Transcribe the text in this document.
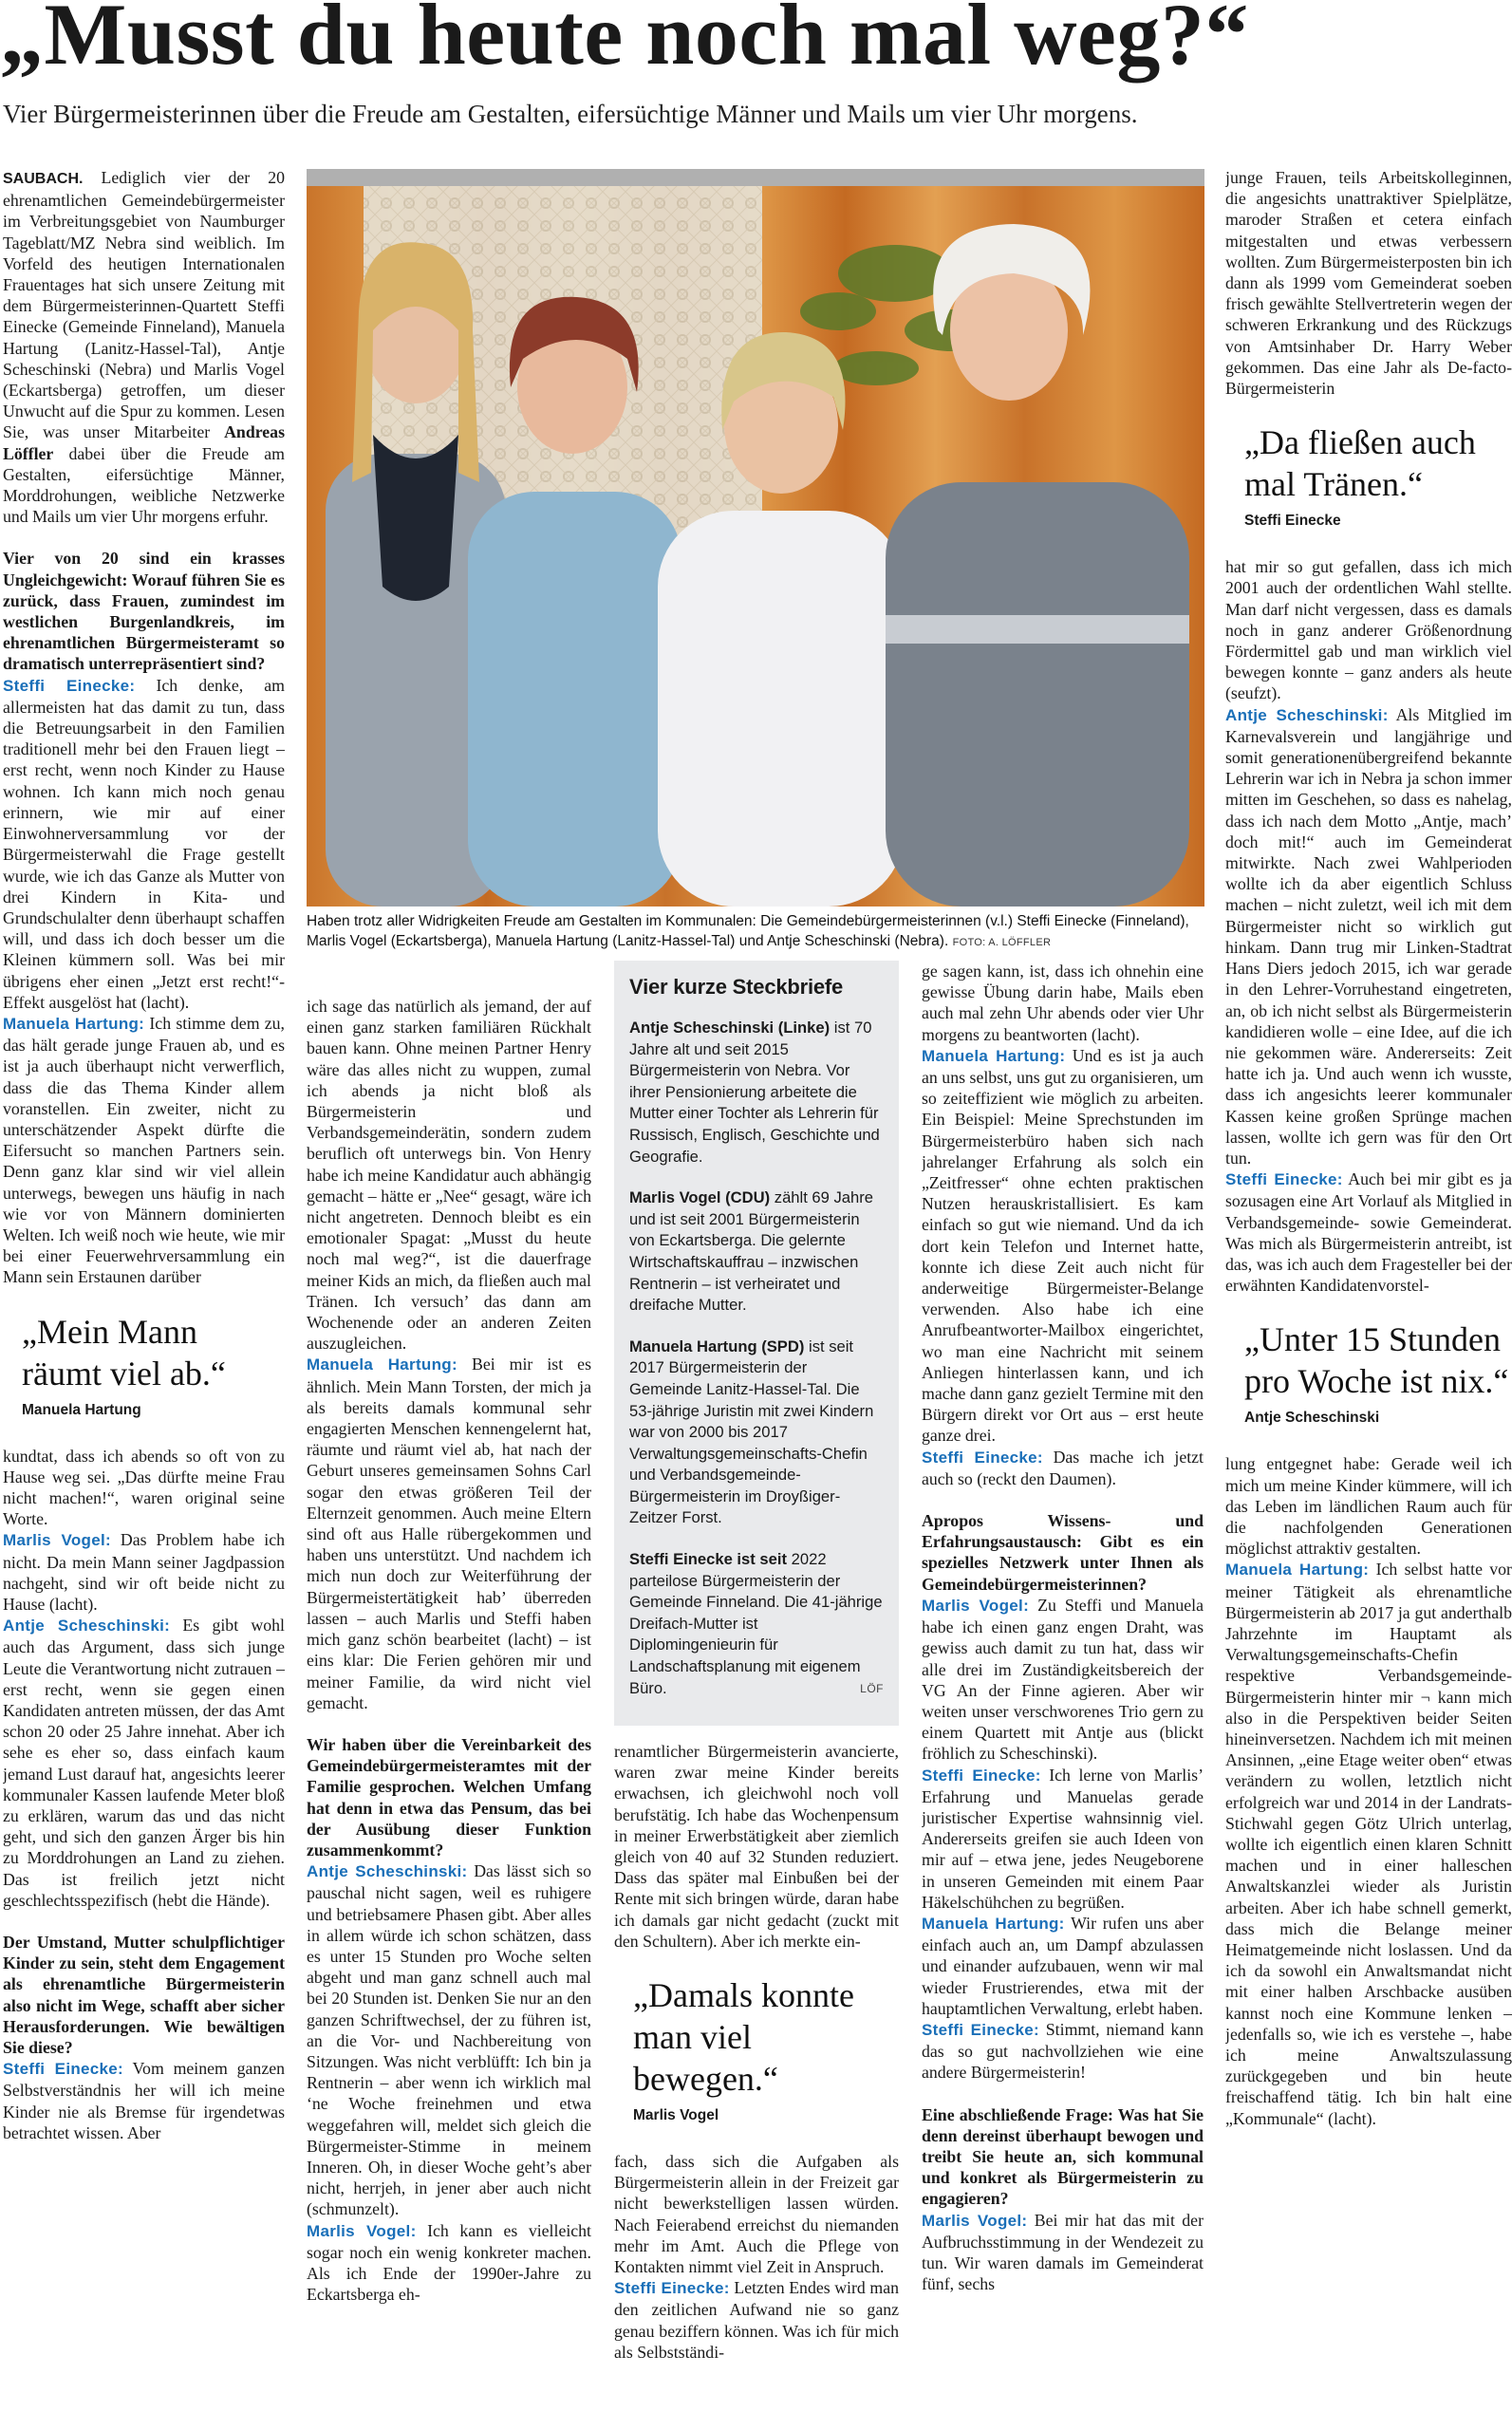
„Musst du heute noch mal weg?“
Vier Bürgermeisterinnen über die Freude am Gestalten, eifersüchtige Männer und Mails um vier Uhr morgens.

SAUBACH. Lediglich vier der 20 ehrenamtlichen Gemeindebürgermeister im Verbreitungsgebiet von Naumburger Tageblatt/MZ Nebra sind weiblich. Im Vorfeld des heutigen Internationalen Frauentages hat sich unsere Zeitung mit dem Bürgermeisterinnen-Quartett Steffi Einecke (Gemeinde Finneland), Manuela Hartung (Lanitz-Hassel-Tal), Antje Scheschinski (Nebra) und Marlis Vogel (Eckartsberga) getroffen, um dieser Unwucht auf die Spur zu kommen. Lesen Sie, was unser Mitarbeiter Andreas Löffler dabei über die Freude am Gestalten, eifersüchtige Männer, Morddrohungen, weibliche Netzwerke und Mails um vier Uhr morgens erfuhr.

Vier von 20 sind ein krasses Ungleichgewicht: Worauf führen Sie es zurück, dass Frauen, zumindest im westlichen Burgenlandkreis, im ehrenamtlichen Bürgermeisteramt so dramatisch unterrepräsentiert sind?

Steffi Einecke: Ich denke, am allermeisten hat das damit zu tun, dass die Betreuungsarbeit in den Familien traditionell mehr bei den Frauen liegt – erst recht, wenn noch Kinder zu Hause wohnen. Ich kann mich noch genau erinnern, wie mir auf einer Einwohnerversammlung vor der Bürgermeisterwahl die Frage gestellt wurde, wie ich das Ganze als Mutter von drei Kindern in Kita- und Grundschulalter denn überhaupt schaffen will, und dass ich doch besser um die Kleinen kümmern soll. Was bei mir übrigens eher einen „Jetzt erst recht!“-Effekt ausgelöst hat (lacht).

Manuela Hartung: Ich stimme dem zu, das hält gerade junge Frauen ab, und es ist ja auch überhaupt nicht verwerflich, dass die das Thema Kinder allem voranstellen. Ein zweiter, nicht zu unterschätzender Aspekt dürfte die Eifersucht so manchen Partners sein. Denn ganz klar sind wir viel allein unterwegs, bewegen uns häufig in nach wie vor von Männern dominierten Welten. Ich weiß noch wie heute, wie mir bei einer Feuerwehrversammlung ein Mann sein Erstaunen darüber

„Mein Mann räumt viel ab.“
Manuela Hartung

kundtat, dass ich abends so oft von zu Hause weg sei. „Das dürfte meine Frau nicht machen!“, waren original seine Worte.

Marlis Vogel: Das Problem habe ich nicht. Da mein Mann seiner Jagdpassion nachgeht, sind wir oft beide nicht zu Hause (lacht).

Antje Scheschinski: Es gibt wohl auch das Argument, dass sich junge Leute die Verantwortung nicht zutrauen – erst recht, wenn sie gegen einen Kandidaten antreten müssen, der das Amt schon 20 oder 25 Jahre innehat. Aber ich sehe es eher so, dass einfach kaum jemand Lust darauf hat, angesichts leerer kommunaler Kassen laufende Meter bloß zu erklären, warum das und das nicht geht, und sich den ganzen Ärger bis hin zu Morddrohungen an Land zu ziehen. Das ist freilich jetzt nicht geschlechtsspezifisch (hebt die Hände).

Der Umstand, Mutter schulpflichtiger Kinder zu sein, steht dem Engagement als ehrenamtliche Bürgermeisterin also nicht im Wege, schafft aber sicher Herausforderungen. Wie bewältigen Sie diese?

Steffi Einecke: Vom meinem ganzen Selbstverständnis her will ich meine Kinder nie als Bremse für irgendetwas betrachtet wissen. Aber

Haben trotz aller Widrigkeiten Freude am Gestalten im Kommunalen: Die Gemeindebürgermeisterinnen (v.l.) Steffi Einecke (Finneland), Marlis Vogel (Eckartsberga), Manuela Hartung (Lanitz-Hassel-Tal) und Antje Scheschinski (Nebra). FOTO: A. LÖFFLER

ich sage das natürlich als jemand, der auf einen ganz starken familiären Rückhalt bauen kann. Ohne meinen Partner Henry wäre das alles nicht zu wuppen, zumal ich abends ja nicht bloß als Bürgermeisterin und Verbandsgemeinderätin, sondern zudem beruflich oft unterwegs bin. Von Henry habe ich meine Kandidatur auch abhängig gemacht – hätte er „Nee“ gesagt, wäre ich nicht angetreten. Dennoch bleibt es ein emotionaler Spagat: „Musst du heute noch mal weg?“, ist die dauerfrage meiner Kids an mich, da fließen auch mal Tränen. Ich versuch’ das dann am Wochenende oder an anderen Zeiten auszugleichen.

Manuela Hartung: Bei mir ist es ähnlich. Mein Mann Torsten, der mich ja als bereits damals kommunal sehr engagierten Menschen kennengelernt hat, räumte und räumt viel ab, hat nach der Geburt unseres gemeinsamen Sohns Carl sogar den etwas größeren Teil der Elternzeit genommen. Auch meine Eltern sind oft aus Halle rübergekommen und haben uns unterstützt. Und nachdem ich mich nun doch zur Weiterführung der Bürgermeistertätigkeit hab’ überreden lassen – auch Marlis und Steffi haben mich ganz schön bearbeitet (lacht) – ist eins klar: Die Ferien gehören mir und meiner Familie, da wird nicht viel gemacht.

Wir haben über die Vereinbarkeit des Gemeindebürgermeisteramtes mit der Familie gesprochen. Welchen Umfang hat denn in etwa das Pensum, das bei der Ausübung dieser Funktion zusammenkommt?

Antje Scheschinski: Das lässt sich so pauschal nicht sagen, weil es ruhigere und betriebsamere Phasen gibt. Aber alles in allem würde ich schon schätzen, dass es unter 15 Stunden pro Woche selten abgeht und man ganz schnell auch mal bei 20 Stunden ist. Denken Sie nur an den ganzen Schriftwechsel, der zu führen ist, an die Vor- und Nachbereitung von Sitzungen. Was nicht verblüfft: Ich bin ja Rentnerin – aber wenn ich wirklich mal ‘ne Woche freinehmen und etwa weggefahren will, meldet sich gleich die Bürgermeister-Stimme in meinem Inneren. Oh, in dieser Woche geht’s aber nicht, herrjeh, in jener aber auch nicht (schmunzelt).

Marlis Vogel: Ich kann es vielleicht sogar noch ein wenig konkreter machen. Als ich Ende der 1990er-Jahre zu Eckartsberga eh-

Vier kurze Steckbriefe

Antje Scheschinski (Linke) ist 70 Jahre alt und seit 2015 Bürgermeisterin von Nebra. Vor ihrer Pensionierung arbeitete die Mutter einer Tochter als Lehrerin für Russisch, Englisch, Geschichte und Geografie.

Marlis Vogel (CDU) zählt 69 Jahre und ist seit 2001 Bürgermeisterin von Eckartsberga. Die gelernte Wirtschaftskauffrau – inzwischen Rentnerin – ist verheiratet und dreifache Mutter.

Manuela Hartung (SPD) ist seit 2017 Bürgermeisterin der Gemeinde Lanitz-Hassel-Tal. Die 53-jährige Juristin mit zwei Kindern war von 2000 bis 2017 Verwaltungsgemeinschafts-Chefin und Verbandsgemeinde-Bürgermeisterin im Droyßiger-Zeitzer Forst.

Steffi Einecke ist seit 2022 parteilose Bürgermeisterin der Gemeinde Finneland. Die 41-jährige Dreifach-Mutter ist Diplomingenieurin für Landschaftsplanung mit eigenem Büro.	LÖF

renamtlicher Bürgermeisterin avancierte, waren zwar meine Kinder bereits erwachsen, ich gleichwohl noch voll berufstätig. Ich habe das Wochenpensum in meiner Erwerbstätigkeit aber ziemlich gleich von 40 auf 32 Stunden reduziert. Dass das später mal Einbußen bei der Rente mit sich bringen würde, daran habe ich damals gar nicht gedacht (zuckt mit den Schultern). Aber ich merkte ein-

„Damals konnte man viel bewegen.“
Marlis Vogel

fach, dass sich die Aufgaben als Bürgermeisterin allein in der Freizeit gar nicht bewerkstelligen lassen würden. Nach Feierabend erreichst du niemanden mehr im Amt. Auch die Pflege von Kontakten nimmt viel Zeit in Anspruch.

Steffi Einecke: Letzten Endes wird man den zeitlichen Aufwand nie so ganz genau beziffern können. Was ich für mich als Selbstständi-

ge sagen kann, ist, dass ich ohnehin eine gewisse Übung darin habe, Mails eben auch mal zehn Uhr abends oder vier Uhr morgens zu beantworten (lacht).

Manuela Hartung: Und es ist ja auch an uns selbst, uns gut zu organisieren, um so zeiteffizient wie möglich zu arbeiten. Ein Beispiel: Meine Sprechstunden im Bürgermeisterbüro haben sich nach jahrelanger Erfahrung als solch ein „Zeitfresser“ ohne echten praktischen Nutzen herauskristallisiert. Es kam einfach so gut wie niemand. Und da ich dort kein Telefon und Internet hatte, konnte ich diese Zeit auch nicht für anderweitige Bürgermeister-Belange verwenden. Also habe ich eine Anrufbeantworter-Mailbox eingerichtet, wo man eine Nachricht mit seinem Anliegen hinterlassen kann, und ich mache dann ganz gezielt Termine mit den Bürgern direkt vor Ort aus – erst heute ganze drei.

Steffi Einecke: Das mache ich jetzt auch so (reckt den Daumen).

Apropos Wissens- und Erfahrungsaustausch: Gibt es ein spezielles Netzwerk unter Ihnen als Gemeindebürgermeisterinnen?

Marlis Vogel: Zu Steffi und Manuela habe ich einen ganz engen Draht, was gewiss auch damit zu tun hat, dass wir alle drei im Zuständigkeitsbereich der VG An der Finne agieren. Aber wir weiten unser verschworenes Trio gern zu einem Quartett mit Antje aus (blickt fröhlich zu Scheschinski).

Steffi Einecke: Ich lerne von Marlis’ Erfahrung und Manuelas gerade juristischer Expertise wahnsinnig viel. Andererseits greifen sie auch Ideen von mir auf – etwa jene, jedes Neugeborene in unseren Gemeinden mit einem Paar Häkelschühchen zu begrüßen.

Manuela Hartung: Wir rufen uns aber einfach auch an, um Dampf abzulassen und einander aufzubauen, wenn wir mal wieder Frustrierendes, etwa mit der hauptamtlichen Verwaltung, erlebt haben.

Steffi Einecke: Stimmt, niemand kann das so gut nachvollziehen wie eine andere Bürgermeisterin!

Eine abschließende Frage: Was hat Sie denn dereinst überhaupt bewogen und treibt Sie heute an, sich kommunal und konkret als Bürgermeisterin zu engagieren?

Marlis Vogel: Bei mir hat das mit der Aufbruchsstimmung in der Wendezeit zu tun. Wir waren damals im Gemeinderat fünf, sechs

junge Frauen, teils Arbeitskolleginnen, die angesichts unattraktiver Spielplätze, maroder Straßen et cetera einfach mitgestalten und etwas verbessern wollten. Zum Bürgermeisterposten bin ich dann als 1999 vom Gemeinderat soeben frisch gewählte Stellvertreterin wegen der schweren Erkrankung und des Rückzugs von Amtsinhaber Dr. Harry Weber gekommen. Das eine Jahr als De-facto-Bürgermeisterin

„Da fließen auch mal Tränen.“
Steffi Einecke

hat mir so gut gefallen, dass ich mich 2001 auch der ordentlichen Wahl stellte. Man darf nicht vergessen, dass es damals noch in ganz anderer Größenordnung Fördermittel gab und man wirklich viel bewegen konnte – ganz anders als heute (seufzt).

Antje Scheschinski: Als Mitglied im Karnevalsverein und langjährige und somit generationenübergreifend bekannte Lehrerin war ich in Nebra ja schon immer mitten im Geschehen, so dass es nahelag, dass ich nach dem Motto „Antje, mach’ doch mit!“ auch im Gemeinderat mitwirkte. Nach zwei Wahlperioden wollte ich da aber eigentlich Schluss machen – nicht zuletzt, weil ich mit dem Bürgermeister nicht so wirklich gut hinkam. Dann trug mir Linken-Stadtrat Hans Diers jedoch 2015, ich war gerade in den Lehrer-Vorruhestand eingetreten, an, ob ich nicht selbst als Bürgermeisterin kandidieren wolle – eine Idee, auf die ich nie gekommen wäre. Andererseits: Zeit hatte ich ja. Und auch wenn ich wusste, dass ich angesichts leerer kommunaler Kassen keine großen Sprünge machen lassen, wollte ich gern was für den Ort tun.

Steffi Einecke: Auch bei mir gibt es ja sozusagen eine Art Vorlauf als Mitglied in Verbandsgemeinde- sowie Gemeinderat. Was mich als Bürgermeisterin antreibt, ist das, was ich auch dem Fragesteller bei der erwähnten Kandidatenvorstel-

„Unter 15 Stunden pro Woche ist nix.“
Antje Scheschinski

lung entgegnet habe: Gerade weil ich mich um meine Kinder kümmere, will ich das Leben im ländlichen Raum auch für die nachfolgenden Generationen möglichst attraktiv gestalten.

Manuela Hartung: Ich selbst hatte vor meiner Tätigkeit als ehrenamtliche Bürgermeisterin ab 2017 ja gut anderthalb Jahrzehnte im Hauptamt als Verwaltungsgemeinschafts-Chefin respektive Verbandsgemeinde-Bürgermeisterin hinter mir ¬ kann mich also in die Perspektiven beider Seiten hineinversetzen. Nachdem ich mit meinen Ansinnen, „eine Etage weiter oben“ etwas verändern zu wollen, letztlich nicht erfolgreich war und 2014 in der Landrats-Stichwahl gegen Götz Ulrich unterlag, wollte ich eigentlich einen klaren Schnitt machen und in einer halleschen Anwaltskanzlei wieder als Juristin arbeiten. Aber ich habe schnell gemerkt, dass mich die Belange meiner Heimatgemeinde nicht loslassen. Und da ich da sowohl ein Anwaltsmandat nicht mit einer halben Arschbacke ausüben kannst noch eine Kommune lenken – jedenfalls so, wie ich es verstehe –, habe ich meine Anwaltszulassung zurückgegeben und bin heute freischaffend tätig. Ich bin halt eine „Kommunale“ (lacht).
